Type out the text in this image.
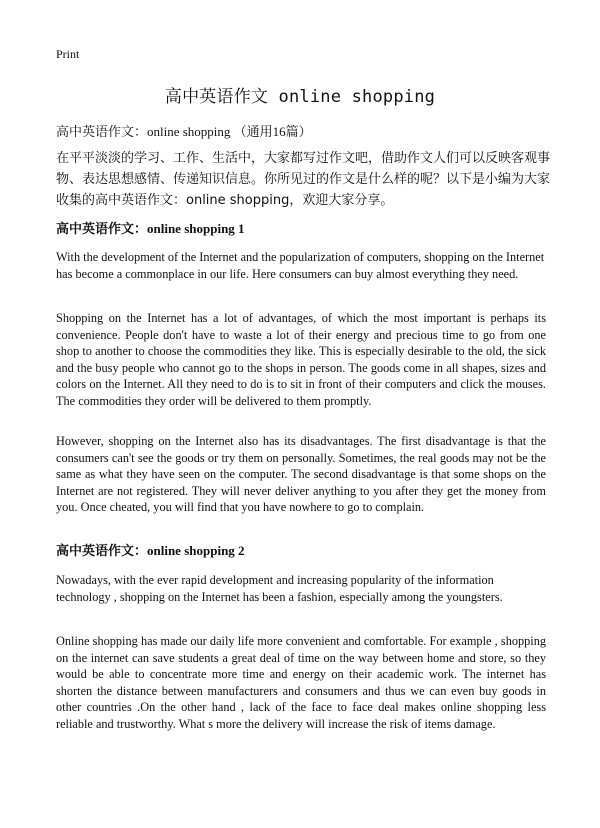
Print
高中英语作文 online shopping
高中英语作文：online shopping （通用16篇）
在平平淡淡的学习、工作、生活中，大家都写过作文吧，借助作文人们可以反映客观事物、表达思想感情、传递知识信息。你所见过的作文是什么样的呢？以下是小编为大家收集的高中英语作文：online shopping，欢迎大家分享。
高中英语作文：online shopping 1
With the development of the Internet and the popularization of computers, shopping on the Internet has become a commonplace in our life. Here consumers can buy almost everything they need.
Shopping on the Internet has a lot of advantages, of which the most important is perhaps its convenience. People don't have to waste a lot of their energy and precious time to go from one shop to another to choose the commodities they like. This is especially desirable to the old, the sick and the busy people who cannot go to the shops in person. The goods come in all shapes, sizes and colors on the Internet. All they need to do is to sit in front of their computers and click the mouses. The commodities they order will be delivered to them promptly.
However, shopping on the Internet also has its disadvantages. The first disadvantage is that the consumers can't see the goods or try them on personally. Sometimes, the real goods may not be the same as what they have seen on the computer. The second disadvantage is that some shops on the Internet are not registered. They will never deliver anything to you after they get the money from you. Once cheated, you will find that you have nowhere to go to complain.
高中英语作文：online shopping 2
Nowadays, with the ever rapid development and increasing popularity of the information technology , shopping on the Internet has been a fashion, especially among the youngsters.
Online shopping has made our daily life more convenient and comfortable. For example , shopping on the internet can save students a great deal of time on the way between home and store, so they would be able to concentrate more time and energy on their academic work. The internet has shorten the distance between manufacturers and consumers and thus we can even buy goods in other countries .On the other hand , lack of the face to face deal makes online shopping less reliable and trustworthy. What s more the delivery will increase the risk of items damage.
